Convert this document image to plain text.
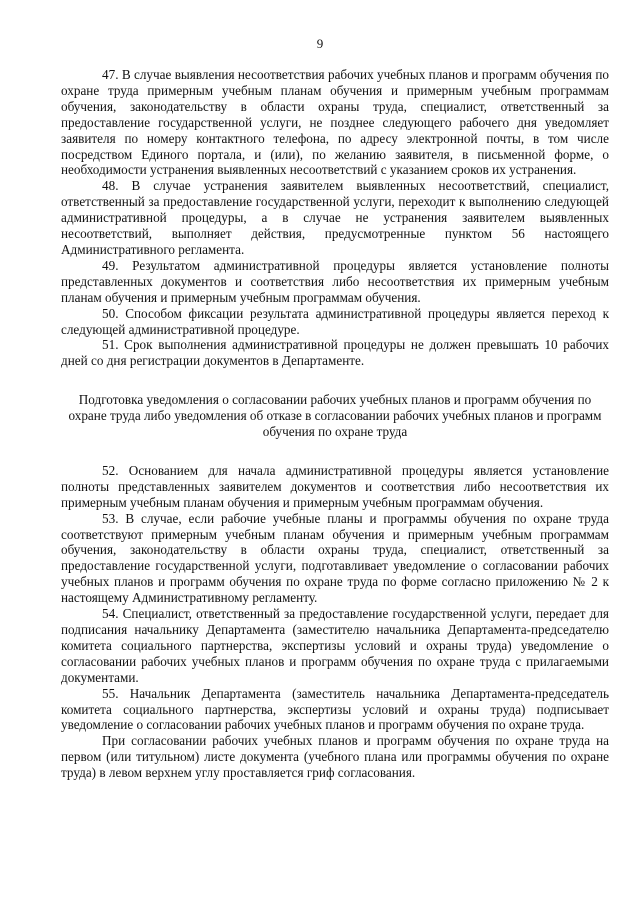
9

47. В случае выявления несоответствия рабочих учебных планов и программ обучения по охране труда примерным учебным планам обучения и примерным учебным программам обучения, законодательству в области охраны труда, специалист, ответственный за предоставление государственной услуги, не позднее следующего рабочего дня уведомляет заявителя по номеру контактного телефона, по адресу электронной почты, в том числе посредством Единого портала, и (или), по желанию заявителя, в письменной форме, о необходимости устранения выявленных несоответствий с указанием сроков их устранения.

48. В случае устранения заявителем выявленных несоответствий, специалист, ответственный за предоставление государственной услуги, переходит к выполнению следующей административной процедуры, а в случае не устранения заявителем выявленных несоответствий, выполняет действия, предусмотренные пунктом 56 настоящего Административного регламента.

49. Результатом административной процедуры является установление полноты представленных документов и соответствия либо несоответствия их примерным учебным планам обучения и примерным учебным программам обучения.

50. Способом фиксации результата административной процедуры является переход к следующей административной процедуре.

51. Срок выполнения административной процедуры не должен превышать 10 рабочих дней со дня регистрации документов в Департаменте.

Подготовка уведомления о согласовании рабочих учебных планов и программ обучения по охране труда либо уведомления об отказе в согласовании рабочих учебных планов и программ обучения по охране труда

52. Основанием для начала административной процедуры является установление полноты представленных заявителем документов и соответствия либо несоответствия их примерным учебным планам обучения и примерным учебным программам обучения.

53. В случае, если рабочие учебные планы и программы обучения по охране труда соответствуют примерным учебным планам обучения и примерным учебным программам обучения, законодательству в области охраны труда, специалист, ответственный за предоставление государственной услуги, подготавливает уведомление о согласовании рабочих учебных планов и программ обучения по охране труда по форме согласно приложению № 2 к настоящему Административному регламенту.

54. Специалист, ответственный за предоставление государственной услуги, передает для подписания начальнику Департамента (заместителю начальника Департамента-председателю комитета социального партнерства, экспертизы условий и охраны труда) уведомление о согласовании рабочих учебных планов и программ обучения по охране труда с прилагаемыми документами.

55. Начальник Департамента (заместитель начальника Департамента-председатель комитета социального партнерства, экспертизы условий и охраны труда) подписывает уведомление о согласовании рабочих учебных планов и программ обучения по охране труда.

При согласовании рабочих учебных планов и программ обучения по охране труда на первом (или титульном) листе документа (учебного плана или программы обучения по охране труда) в левом верхнем углу проставляется гриф согласования.
